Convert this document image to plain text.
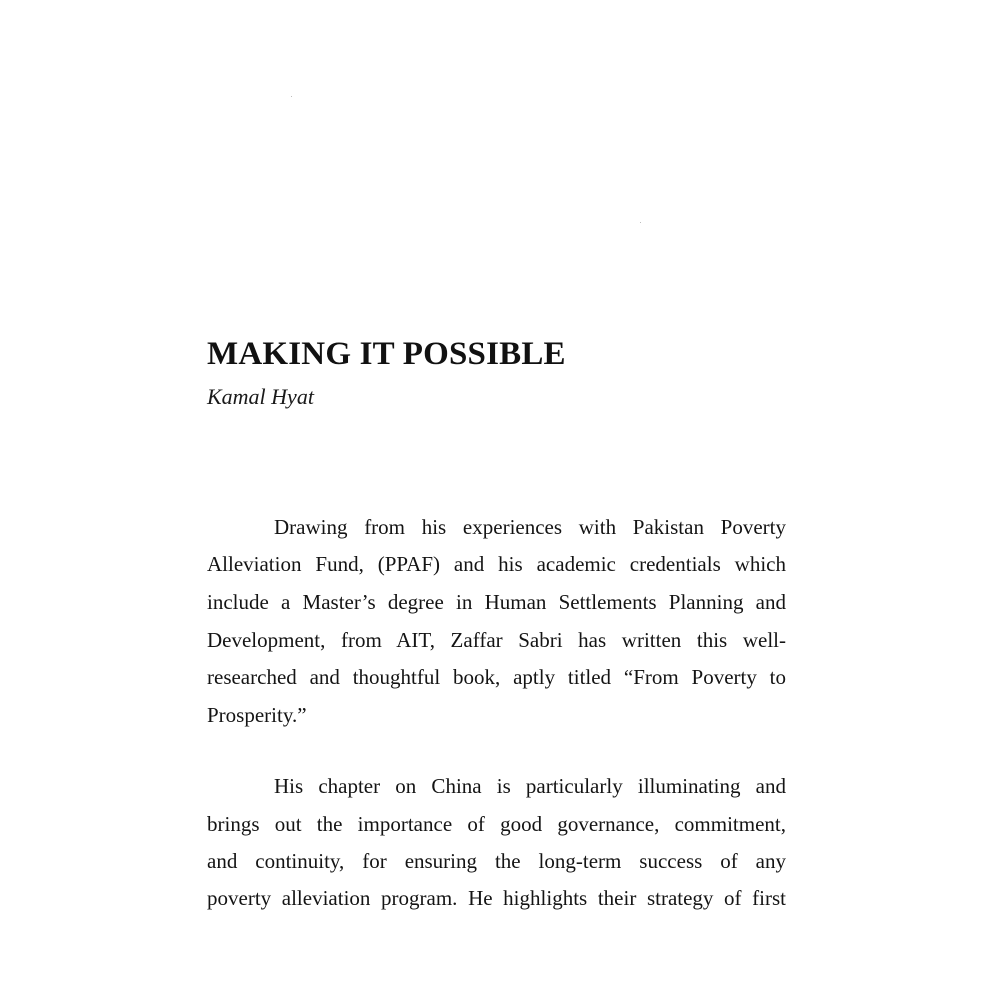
MAKING IT POSSIBLE
Kamal Hyat
Drawing from his experiences with Pakistan Poverty
Alleviation Fund, (PPAF) and his academic credentials which
include a Master’s degree in Human Settlements Planning and
Development, from AIT, Zaffar Sabri has written this well-
researched and thoughtful book, aptly titled “From Poverty to
Prosperity.”
His chapter on China is particularly illuminating and
brings out the importance of good governance, commitment,
and continuity, for ensuring the long-term success of any
poverty alleviation program. He highlights their strategy of first
